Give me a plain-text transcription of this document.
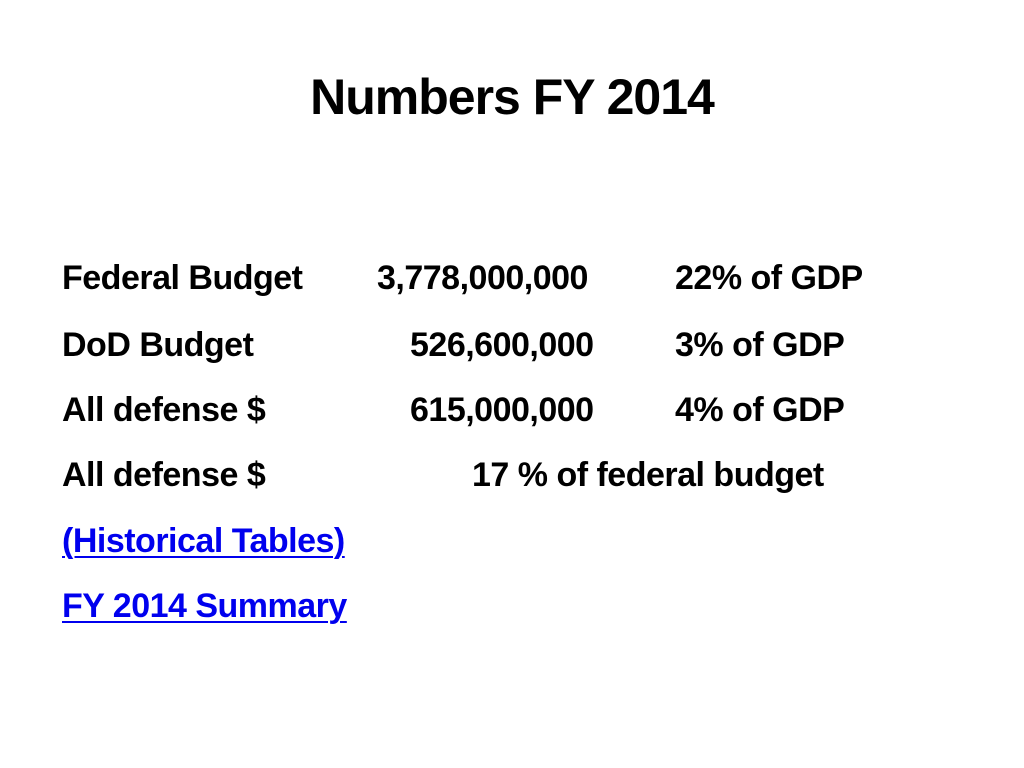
Numbers FY 2014
Federal Budget 3,778,000,000	22% of GDP
DoD Budget	526,600,000 3% of GDP
All defense $	615,000,000 4% of GDP
All defense $	17 % of federal budget
(Historical Tables)
FY 2014 Summary
